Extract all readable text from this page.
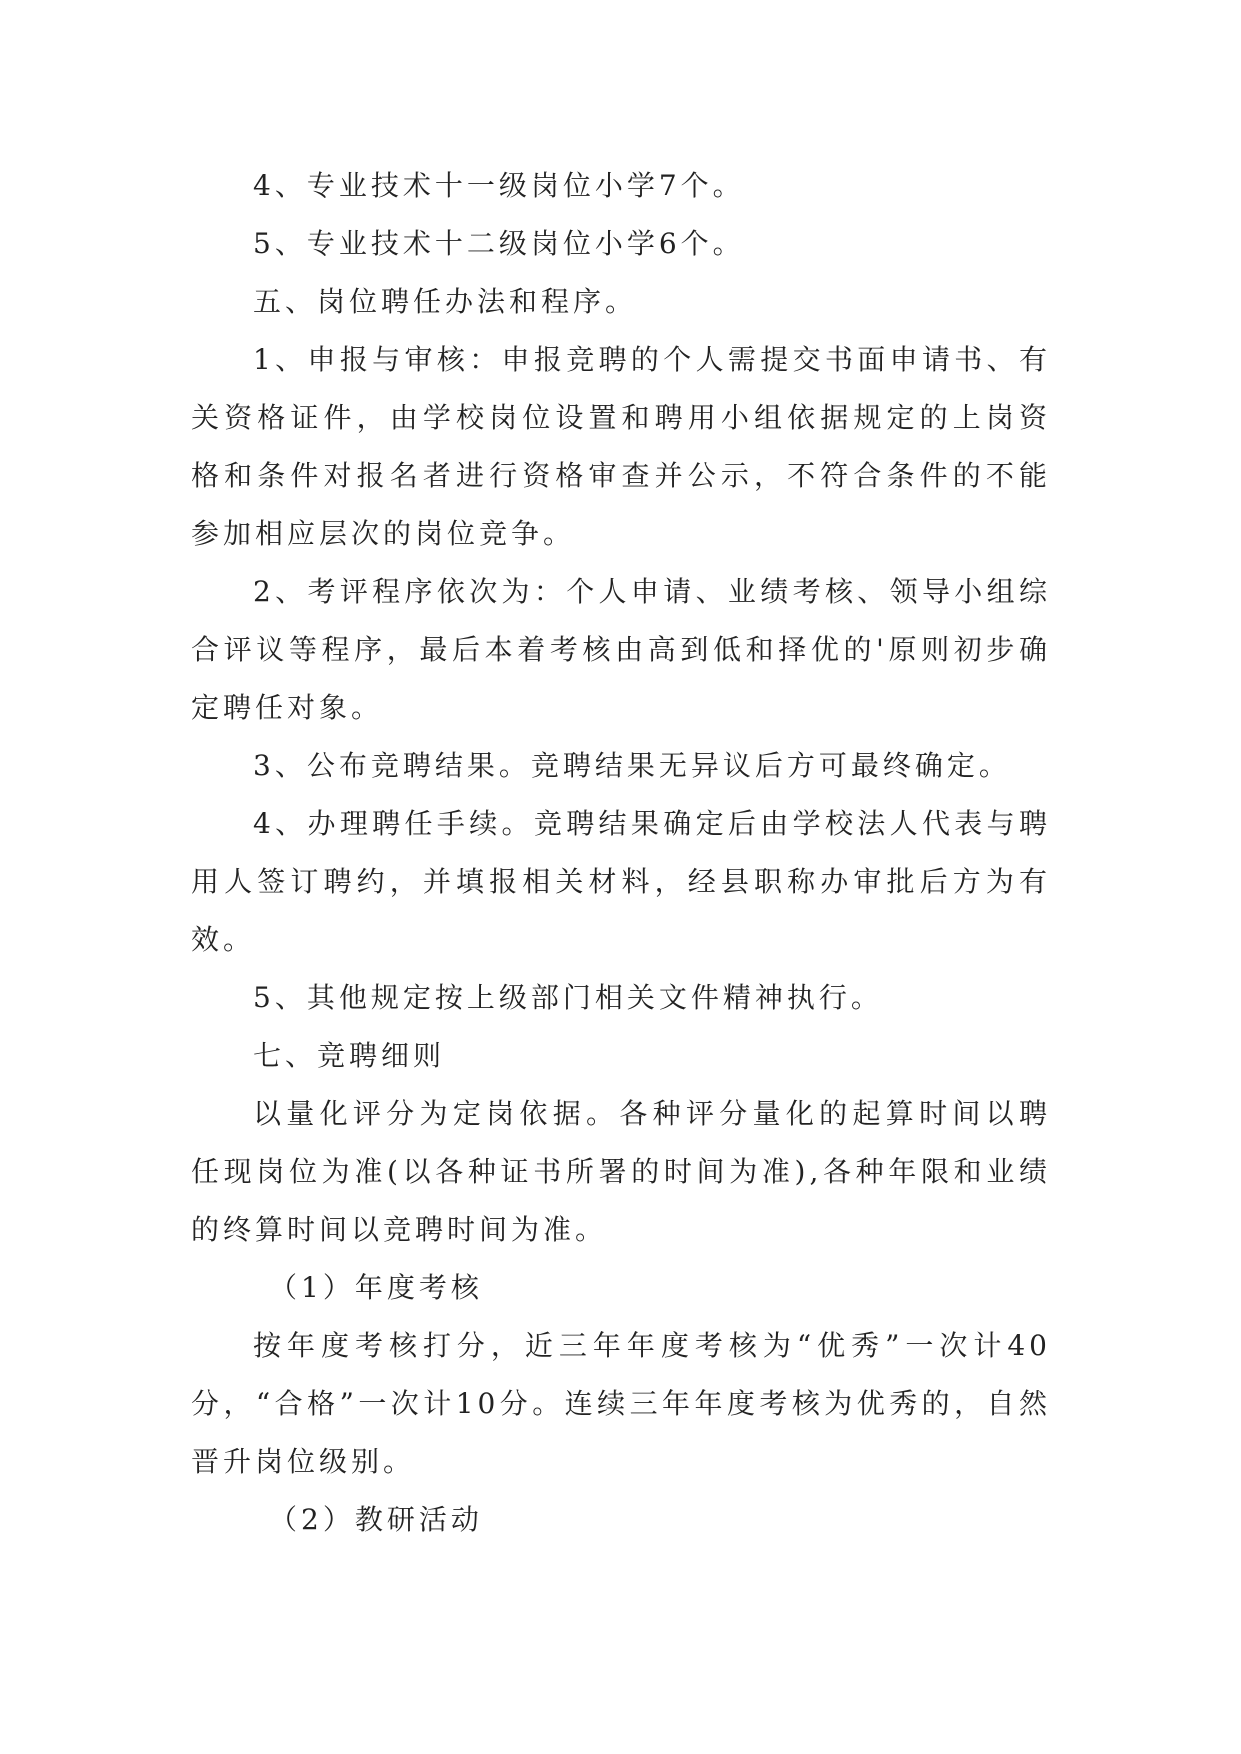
4、专业技术十一级岗位小学7个。

5、专业技术十二级岗位小学6个。

五、岗位聘任办法和程序。

1、申报与审核：申报竞聘的个人需提交书面申请书、有关资格证件，由学校岗位设置和聘用小组依据规定的上岗资格和条件对报名者进行资格审查并公示，不符合条件的不能参加相应层次的岗位竞争。

2、考评程序依次为：个人申请、业绩考核、领导小组综合评议等程序，最后本着考核由高到低和择优的'原则初步确定聘任对象。

3、公布竞聘结果。竞聘结果无异议后方可最终确定。

4、办理聘任手续。竞聘结果确定后由学校法人代表与聘用人签订聘约，并填报相关材料，经县职称办审批后方为有效。

5、其他规定按上级部门相关文件精神执行。

七、竞聘细则

以量化评分为定岗依据。各种评分量化的起算时间以聘任现岗位为准(以各种证书所署的时间为准),各种年限和业绩的终算时间以竞聘时间为准。

（1）年度考核

按年度考核打分，近三年年度考核为“优秀”一次计40分，“合格”一次计10分。连续三年年度考核为优秀的，自然晋升岗位级别。

（2）教研活动
